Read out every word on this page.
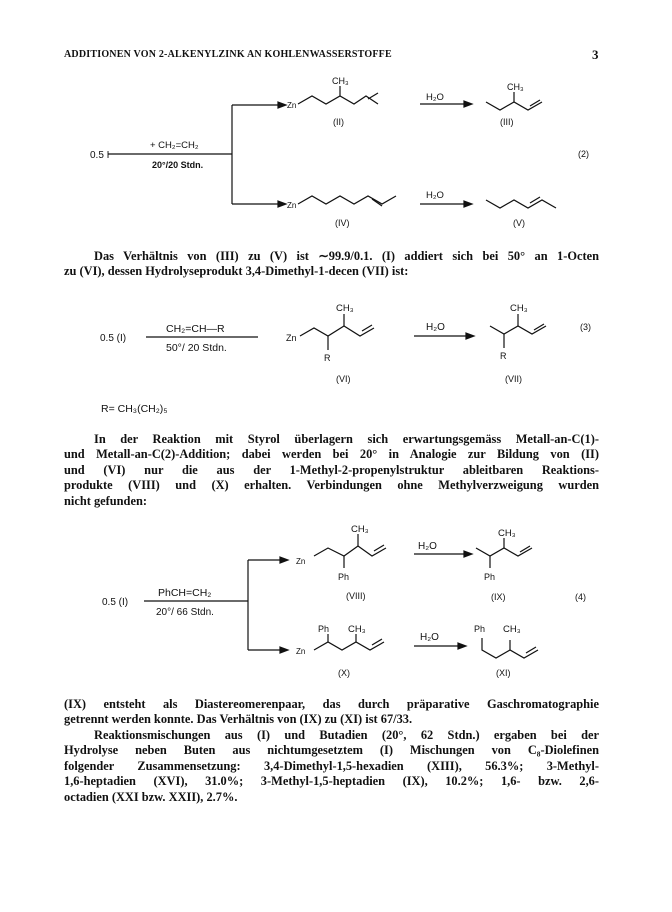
ADDITIONEN VON 2-ALKENYLZINK AN KOHLENWASSERSTOFFE	3
0.5 I
+ CH₂=CH₂
20°/20 Stdn.
Zn
CH₃
(II)
H₂O
CH₃
(III)
(2)
Zn
(IV)
H₂O
(V)
Das Verhältnis von (III) zu (V) ist ∼99.9/0.1. (I) addiert sich bei 50° an 1-Octen
zu (VI), dessen Hydrolyseprodukt 3,4-Dimethyl-1-decen (VII) ist:
0.5 (I)
CH₂=CH—R
50°/ 20 Stdn.
Zn
CH₃
R
(VI)
H₂O
CH₃
R
(VII)
(3)
R= CH₃(CH₂)₅
In der Reaktion mit Styrol überlagern sich erwartungsgemäss Metall-an-C(1)-
und Metall-an-C(2)-Addition; dabei werden bei 20° in Analogie zur Bildung von (II)
und (VI) nur die aus der 1-Methyl-2-propenylstruktur ableitbaren Reaktions-
produkte (VIII) und (X) erhalten. Verbindungen ohne Methylverzweigung wurden
nicht gefunden:
0.5 (I)
PhCH=CH₂
20°/ 66 Stdn.
Zn
CH₃
Ph
(VIII)
H₂O
CH₃
Ph
(IX)	(4)
Ph CH₃
Zn
(X)
H₂O
Ph CH₃
(XI)
(IX) entsteht als Diastereomerenpaar, das durch präparative Gaschromatographie
getrennt werden konnte. Das Verhältnis von (IX) zu (XI) ist 67/33.
Reaktionsmischungen aus (I) und Butadien (20°, 62 Stdn.) ergaben bei der
Hydrolyse neben Buten aus nichtumgesetztem (I) Mischungen von C₈-Diolefinen
folgender Zusammensetzung: 3,4-Dimethyl-1,5-hexadien (XIII), 56.3%; 3-Methyl-
1,6-heptadien (XVI), 31.0%; 3-Methyl-1,5-heptadien (IX), 10.2%; 1,6- bzw. 2,6-
octadien (XXI bzw. XXII), 2.7%.
